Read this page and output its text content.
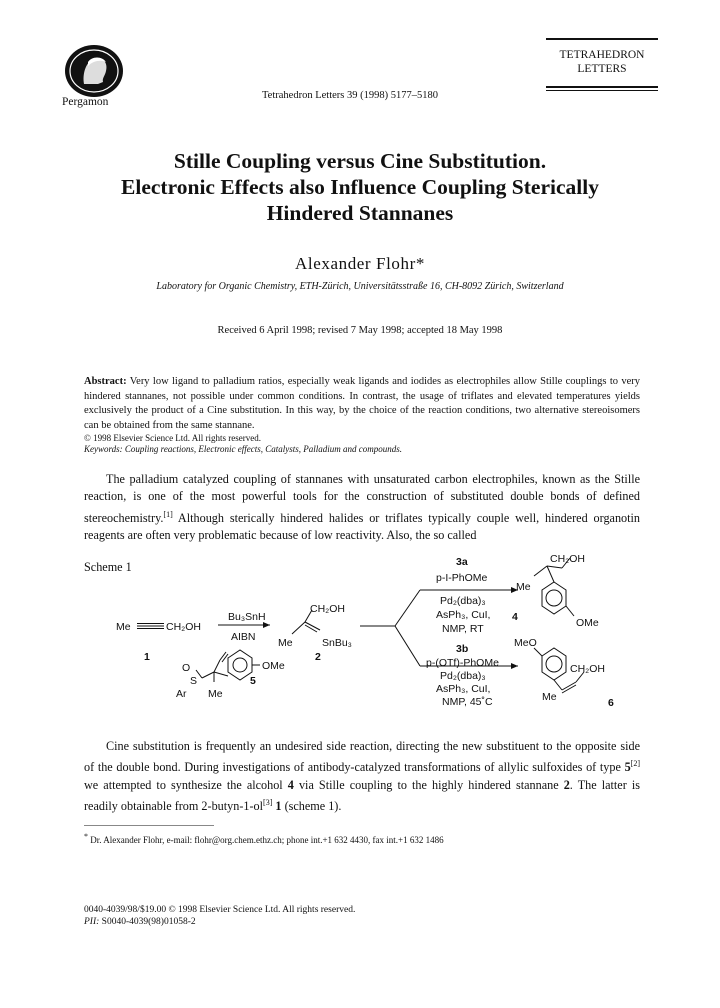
Pergamon
Tetrahedron Letters 39 (1998) 5177–5180
TETRAHEDRON
LETTERS
Stille Coupling versus Cine Substitution.
Electronic Effects also Influence Coupling Sterically
Hindered Stannanes
Alexander Flohr*
Laboratory for Organic Chemistry, ETH-Zürich, Universitätsstraße 16, CH-8092 Zürich, Switzerland
Received 6 April 1998; revised 7 May 1998; accepted 18 May 1998
Abstract: Very low ligand to palladium ratios, especially weak ligands and iodides as electrophiles allow Stille couplings to very hindered stannanes, not possible under common conditions. In contrast, the usage of triflates and elevated temperatures yields exclusively the product of a Cine substitution. In this way, by the choice of the reaction conditions, two alternative stereoisomers can be obtained from the same stannane.
© 1998 Elsevier Science Ltd. All rights reserved.
Keywords: Coupling reactions, Electronic effects, Catalysts, Palladium and compounds.

The palladium catalyzed coupling of stannanes with unsaturated carbon electrophiles, known as the Stille reaction, is one of the most powerful tools for the construction of substituted double bonds of defined stereochemistry.[1] Although sterically hindered halides or triflates typically couple well, hindered organotin reagents are often very problematic because of low reactivity. Also, the so called

Scheme 1
Me	CH₂OH
1
Bu₃SnH
AIBN
CH₂OH
Me	SnBu₃
2
3a
p-I-PhOMe
Pd₂(dba)₃
AsPh₃, CuI,
NMP, RT
3b
p-(OTf)-PhOMe
Pd₂(dba)₃
AsPh₃, CuI,
NMP, 45˚C
CH₂OH
Me
OMe
4
MeO
CH₂OH
Me	6
O
S
Ar Me
OMe
5

Cine substitution is frequently an undesired side reaction, directing the new substituent to the opposite side of the double bond. During investigations of antibody-catalyzed transformations of allylic sulfoxides of type 5[2] we attempted to synthesize the alcohol 4 via Stille coupling to the highly hindered stannane 2. The latter is readily obtainable from 2-butyn-1-ol[3] 1 (scheme 1).

* Dr. Alexander Flohr, e-mail: flohr@org.chem.ethz.ch; phone int.+1 632 4430, fax int.+1 632 1486
0040-4039/98/$19.00 © 1998 Elsevier Science Ltd. All rights reserved.
PII: S0040-4039(98)01058-2
